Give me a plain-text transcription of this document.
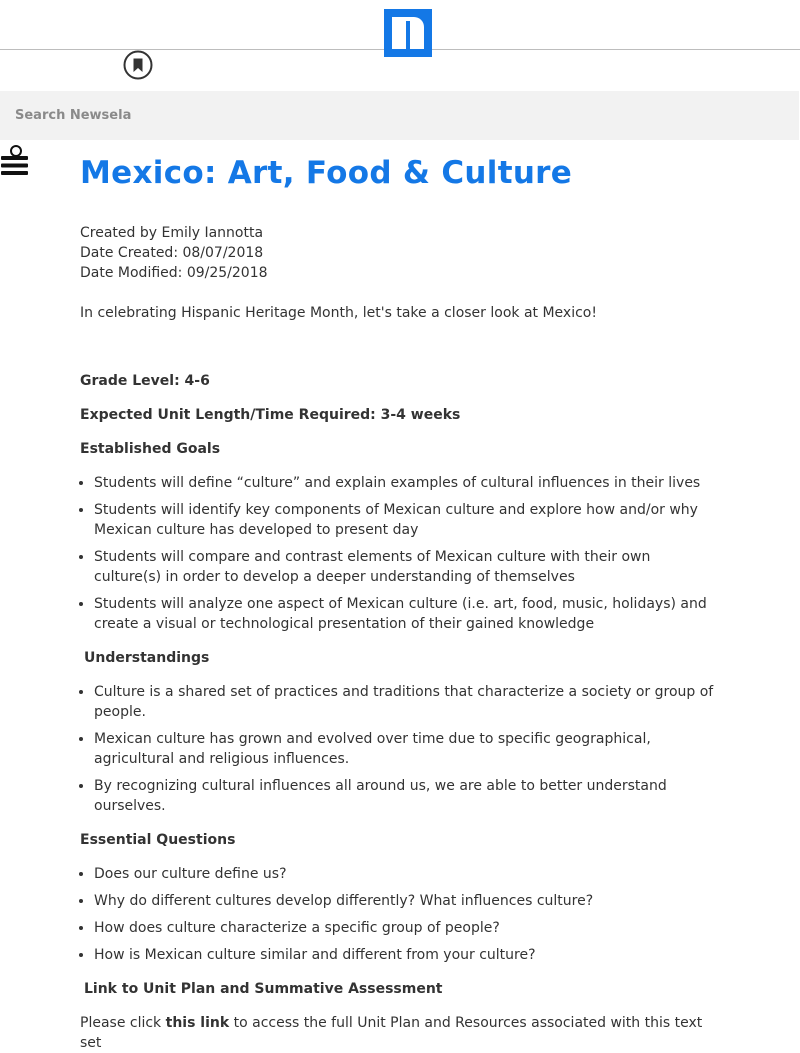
Search Newsela
Mexico: Art, Food & Culture
Created by Emily Iannotta
Date Created: 08/07/2018
Date Modified: 09/25/2018
In celebrating Hispanic Heritage Month, let's take a closer look at Mexico!

Grade Level: 4-6

Expected Unit Length/Time Required: 3-4 weeks

Established Goals

• Students will define “culture” and explain examples of cultural influences in their lives
• Students will identify key components of Mexican culture and explore how and/or why Mexican culture has developed to present day
• Students will compare and contrast elements of Mexican culture with their own culture(s) in order to develop a deeper understanding of themselves
• Students will analyze one aspect of Mexican culture (i.e. art, food, music, holidays) and create a visual or technological presentation of their gained knowledge

Understandings

• Culture is a shared set of practices and traditions that characterize a society or group of people.
• Mexican culture has grown and evolved over time due to specific geographical, agricultural and religious influences.
• By recognizing cultural influences all around us, we are able to better understand ourselves.

Essential Questions

• Does our culture define us?
• Why do different cultures develop differently? What influences culture?
• How does culture characterize a specific group of people?
• How is Mexican culture similar and different from your culture?

Link to Unit Plan and Summative Assessment

Please click this link to access the full Unit Plan and Resources associated with this text set
